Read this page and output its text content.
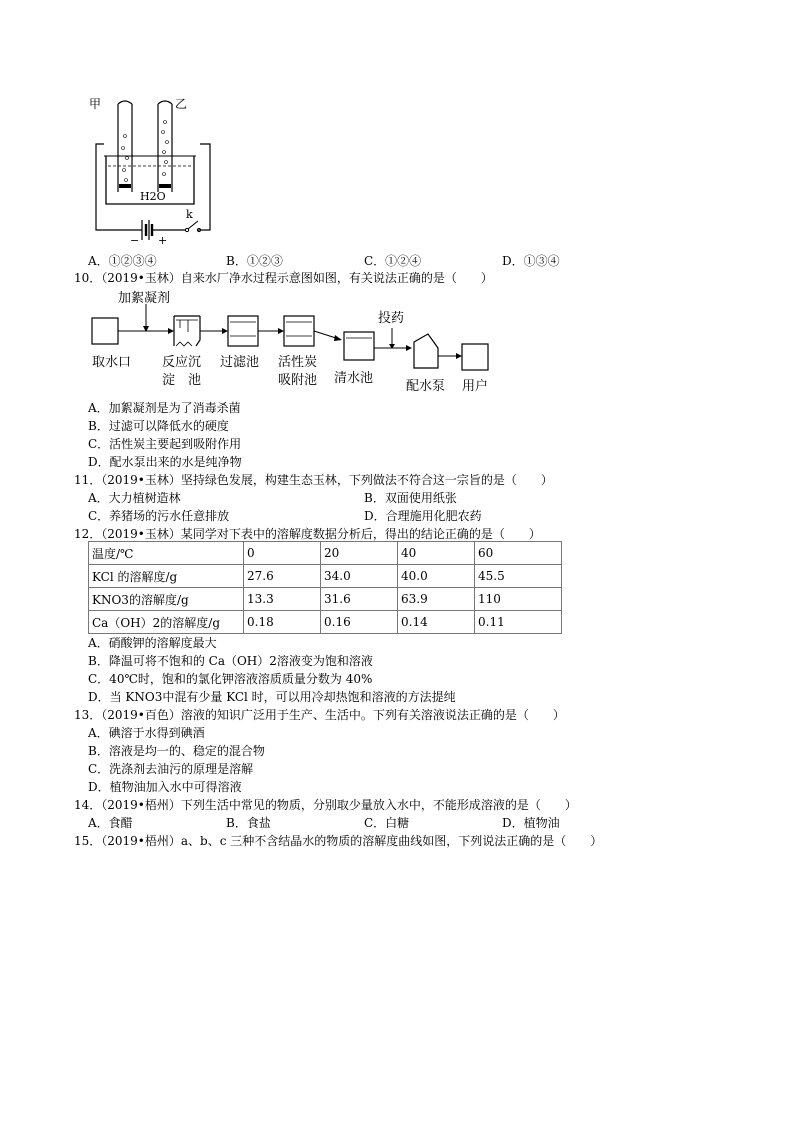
甲	乙
H2O
k
− +
A．①②③④	B．①②③	C．①②④	D．①③④
10．（2019•玉林）自来水厂净水过程示意图如图，有关说法正确的是（　　）
加絮凝剂
投药
取水口 反应沉
淀　池
过滤池 活性炭
吸附池 清水池
配水泵 用户
A．加絮凝剂是为了消毒杀菌
B．过滤可以降低水的硬度
C．活性炭主要起到吸附作用
D．配水泵出来的水是纯净物
11．（2019•玉林）坚持绿色发展，构建生态玉林，下列做法不符合这一宗旨的是（　　）
A．大力植树造林	B．双面使用纸张
C．养猪场的污水任意排放	D．合理施用化肥农药
12．（2019•玉林）某同学对下表中的溶解度数据分析后，得出的结论正确的是（　　）
温度/℃	0	20	40	60
KCl 的溶解度/g	27.6	34.0	40.0	45.5
KNO3的溶解度/g	13.3	31.6	63.9	110
Ca（OH）2的溶解度/g	0.18	0.16	0.14	0.11
A．硝酸钾的溶解度最大
B．降温可将不饱和的 Ca（OH）2溶液变为饱和溶液
C．40℃时，饱和的氯化钾溶液溶质质量分数为 40%
D．当 KNO3中混有少量 KCl 时，可以用冷却热饱和溶液的方法提纯
13．（2019•百色）溶液的知识广泛用于生产、生活中。下列有关溶液说法正确的是（　　）
A．碘溶于水得到碘酒
B．溶液是均一的、稳定的混合物
C．洗涤剂去油污的原理是溶解
D．植物油加入水中可得溶液
14．（2019•梧州）下列生活中常见的物质，分别取少量放入水中，不能形成溶液的是（　　）
A．食醋	B．食盐	C．白糖	D．植物油
15．（2019•梧州）a、b、c 三种不含结晶水的物质的溶解度曲线如图，下列说法正确的是（　　）
